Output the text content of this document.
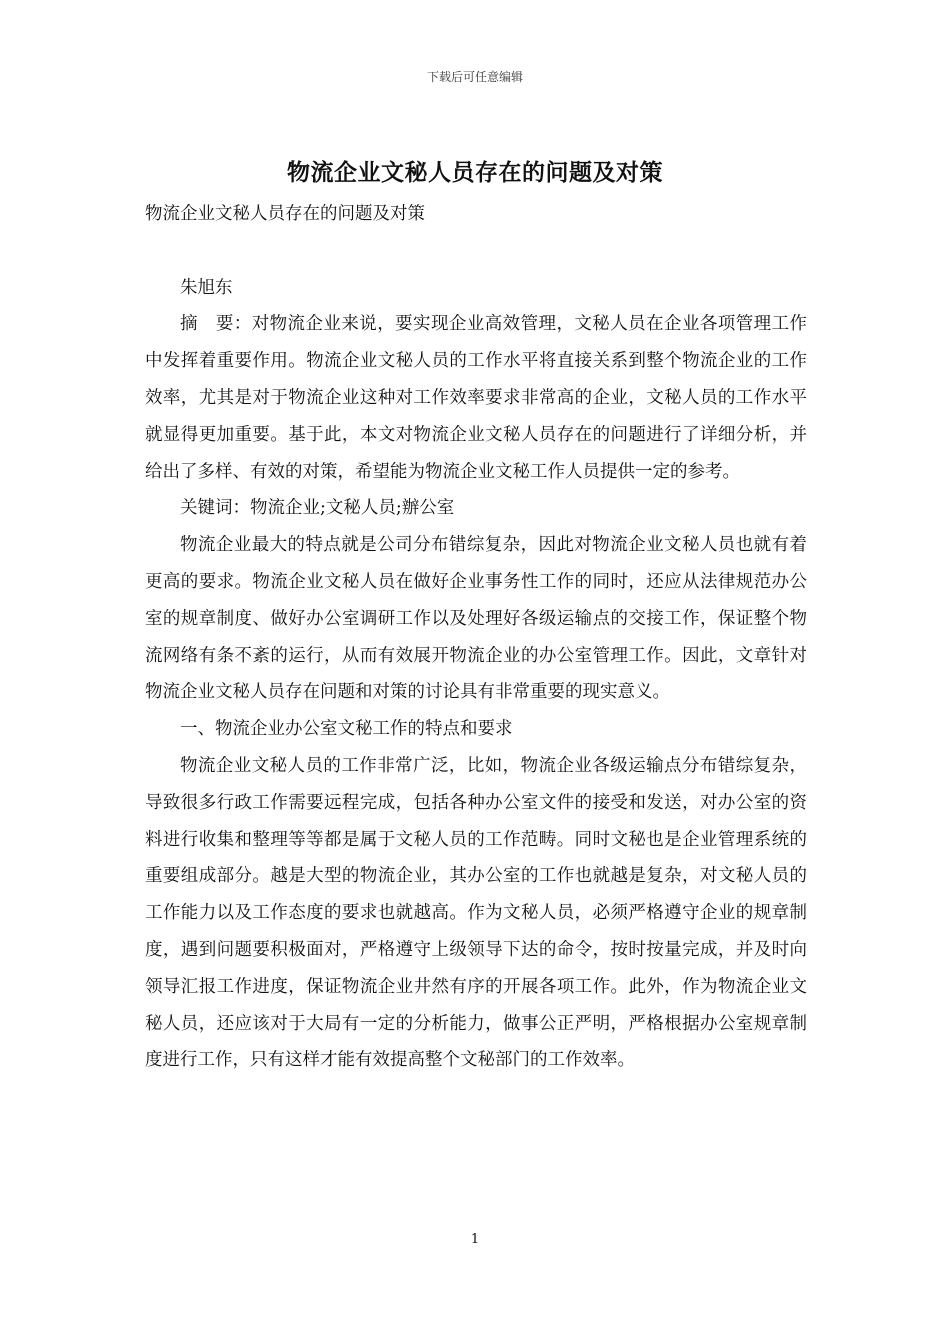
下载后可任意编辑
物流企业文秘人员存在的问题及对策

物流企业文秘人员存在的问题及对策

朱旭东

摘　要：对物流企业来说，要实现企业高效管理，文秘人员在企业各项管理工作中发挥着重要作用。物流企业文秘人员的工作水平将直接关系到整个物流企业的工作效率，尤其是对于物流企业这种对工作效率要求非常高的企业，文秘人员的工作水平就显得更加重要。基于此，本文对物流企业文秘人员存在的问题进行了详细分析，并给出了多样、有效的对策，希望能为物流企业文秘工作人员提供一定的参考。

关键词：物流企业;文秘人员;辦公室

物流企业最大的特点就是公司分布错综复杂，因此对物流企业文秘人员也就有着更高的要求。物流企业文秘人员在做好企业事务性工作的同时，还应从法律规范办公室的规章制度、做好办公室调研工作以及处理好各级运输点的交接工作，保证整个物流网络有条不紊的运行，从而有效展开物流企业的办公室管理工作。因此，文章针对物流企业文秘人员存在问题和对策的讨论具有非常重要的现实意义。

一、物流企业办公室文秘工作的特点和要求

物流企业文秘人员的工作非常广泛，比如，物流企业各级运输点分布错综复杂，导致很多行政工作需要远程完成，包括各种办公室文件的接受和发送，对办公室的资料进行收集和整理等等都是属于文秘人员的工作范畴。同时文秘也是企业管理系统的重要组成部分。越是大型的物流企业，其办公室的工作也就越是复杂，对文秘人员的工作能力以及工作态度的要求也就越高。作为文秘人员，必须严格遵守企业的规章制度，遇到问题要积极面对，严格遵守上级领导下达的命令，按时按量完成，并及时向领导汇报工作进度，保证物流企业井然有序的开展各项工作。此外，作为物流企业文秘人员，还应该对于大局有一定的分析能力，做事公正严明，严格根据办公室规章制度进行工作，只有这样才能有效提高整个文秘部门的工作效率。

1
